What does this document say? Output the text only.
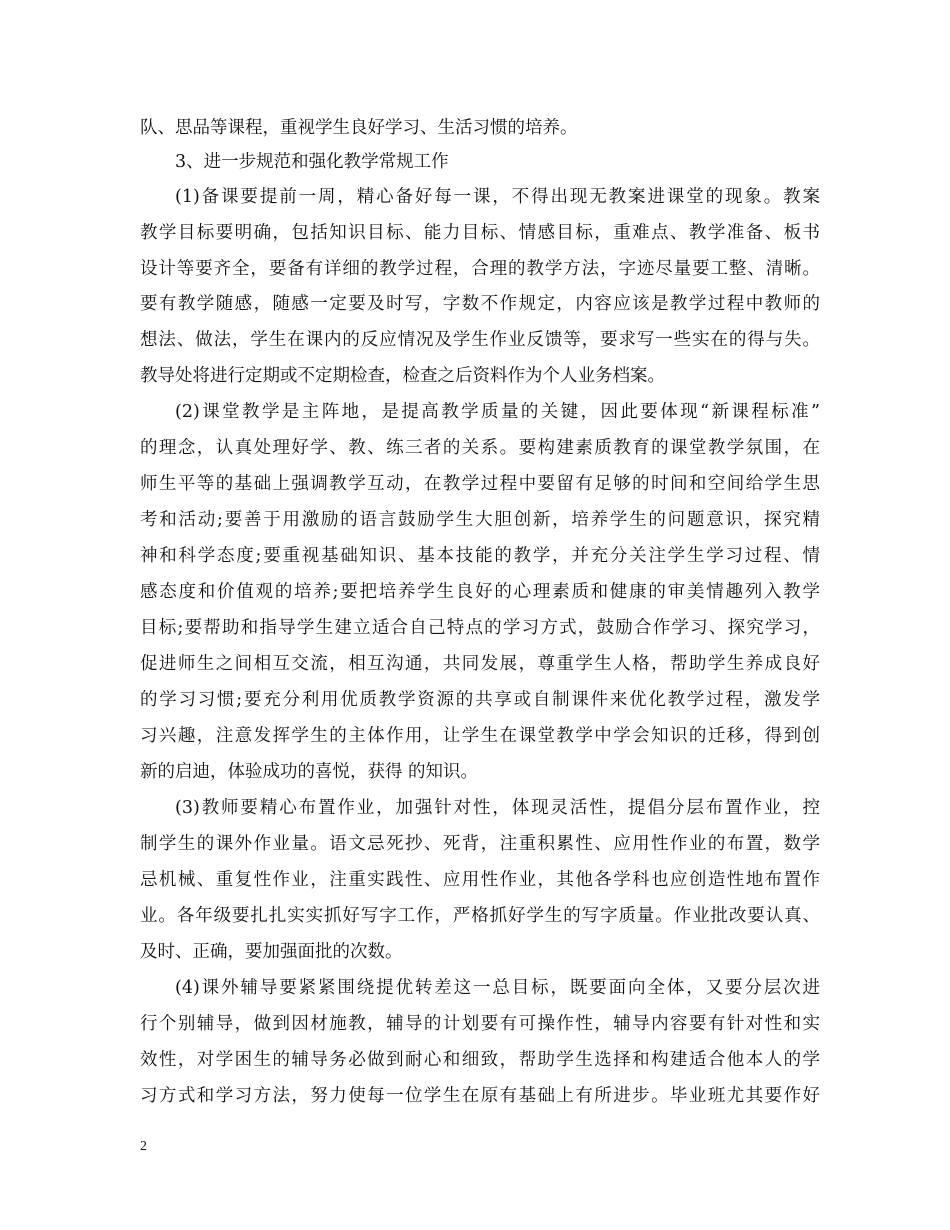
队、思品等课程，重视学生良好学习、生活习惯的培养。
3、进一步规范和强化教学常规工作
(1)备课要提前一周，精心备好每一课，不得出现无教案进课堂的现象。教案
教学目标要明确，包括知识目标、能力目标、情感目标，重难点、教学准备、板书
设计等要齐全，要备有详细的教学过程，合理的教学方法，字迹尽量要工整、清晰。
要有教学随感，随感一定要及时写，字数不作规定，内容应该是教学过程中教师的
想法、做法，学生在课内的反应情况及学生作业反馈等，要求写一些实在的得与失。
教导处将进行定期或不定期检查，检查之后资料作为个人业务档案。
(2)课堂教学是主阵地，是提高教学质量的关键，因此要体现“新课程标准”
的理念，认真处理好学、教、练三者的关系。要构建素质教育的课堂教学氛围，在
师生平等的基础上强调教学互动，在教学过程中要留有足够的时间和空间给学生思
考和活动;要善于用激励的语言鼓励学生大胆创新，培养学生的问题意识，探究精
神和科学态度;要重视基础知识、基本技能的教学，并充分关注学生学习过程、情
感态度和价值观的培养;要把培养学生良好的心理素质和健康的审美情趣列入教学
目标;要帮助和指导学生建立适合自己特点的学习方式，鼓励合作学习、探究学习，
促进师生之间相互交流，相互沟通，共同发展，尊重学生人格，帮助学生养成良好
的学习习惯;要充分利用优质教学资源的共享或自制课件来优化教学过程，激发学
习兴趣，注意发挥学生的主体作用，让学生在课堂教学中学会知识的迁移，得到创
新的启迪，体验成功的喜悦，获得 的知识。
(3)教师要精心布置作业，加强针对性，体现灵活性，提倡分层布置作业，控
制学生的课外作业量。语文忌死抄、死背，注重积累性、应用性作业的布置，数学
忌机械、重复性作业，注重实践性、应用性作业，其他各学科也应创造性地布置作
业。各年级要扎扎实实抓好写字工作，严格抓好学生的写字质量。作业批改要认真、
及时、正确，要加强面批的次数。
(4)课外辅导要紧紧围绕提优转差这一总目标，既要面向全体，又要分层次进
行个别辅导，做到因材施教，辅导的计划要有可操作性，辅导内容要有针对性和实
效性，对学困生的辅导务必做到耐心和细致，帮助学生选择和构建适合他本人的学
习方式和学习方法，努力使每一位学生在原有基础上有所进步。毕业班尤其要作好
2
